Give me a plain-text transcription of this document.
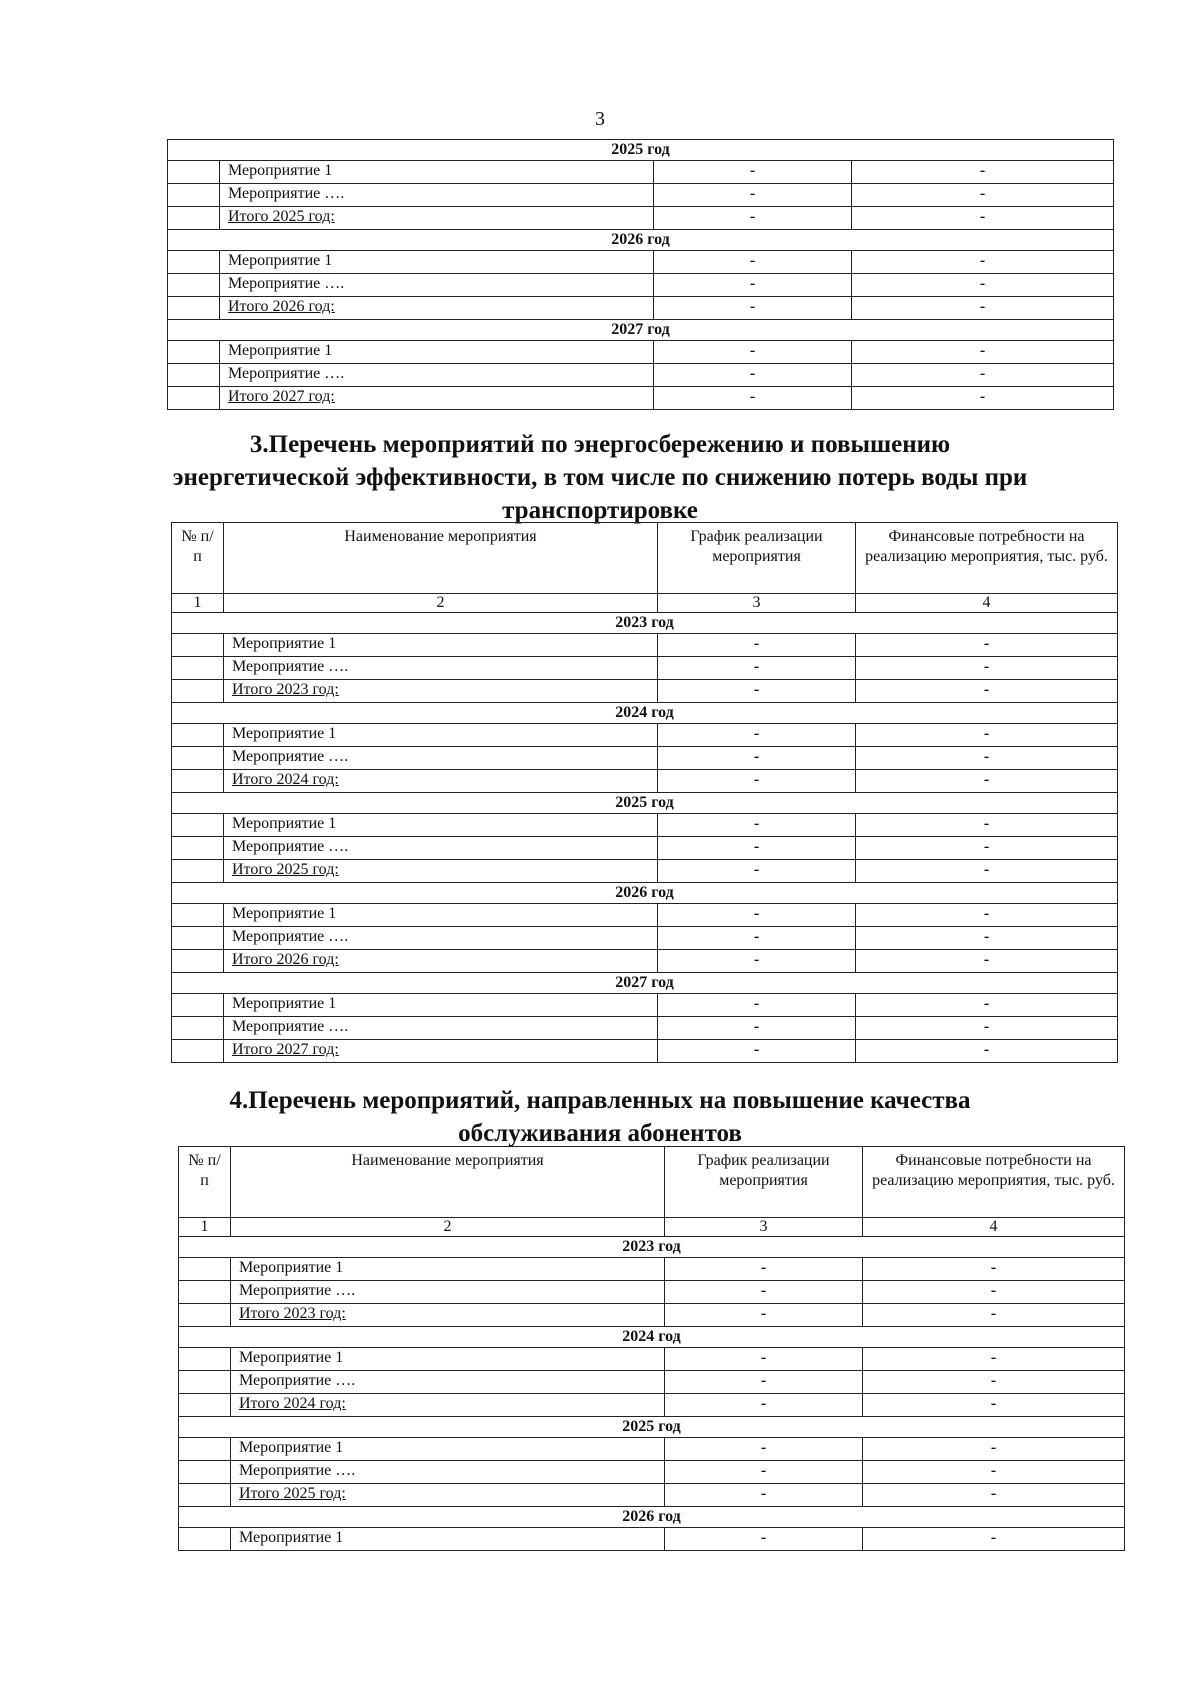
3
2025 год			
	Мероприятие 1	-	-
	Мероприятие ….	-	-
	Итого 2025 год:	-	-
2026 год			
	Мероприятие 1	-	-
	Мероприятие ….	-	-
	Итого 2026 год:	-	-
2027 год			
	Мероприятие 1	-	-
	Мероприятие ….	-	-
	Итого 2027 год:	-	-
3.Перечень мероприятий по энергосбережению и повышению
энергетической эффективности, в том числе по снижению потерь воды при
транспортировке
№ п/п	Наименование мероприятия	График реализации мероприятия	Финансовые потребности на реализацию мероприятия, тыс. руб.
1	2	3	4
2023 год			
	Мероприятие 1	-	-
	Мероприятие ….	-	-
	Итого 2023 год:	-	-
2024 год			
	Мероприятие 1	-	-
	Мероприятие ….	-	-
	Итого 2024 год:	-	-
2025 год			
	Мероприятие 1	-	-
	Мероприятие ….	-	-
	Итого 2025 год:	-	-
2026 год			
	Мероприятие 1	-	-
	Мероприятие ….	-	-
	Итого 2026 год:	-	-
2027 год			
	Мероприятие 1	-	-
	Мероприятие ….	-	-
	Итого 2027 год:	-	-
4.Перечень мероприятий, направленных на повышение качества
обслуживания абонентов
№ п/п	Наименование мероприятия	График реализации мероприятия	Финансовые потребности на реализацию мероприятия, тыс. руб.
1	2	3	4
2023 год			
	Мероприятие 1	-	-
	Мероприятие ….	-	-
	Итого 2023 год:	-	-
2024 год			
	Мероприятие 1	-	-
	Мероприятие ….	-	-
	Итого 2024 год:	-	-
2025 год			
	Мероприятие 1	-	-
	Мероприятие ….	-	-
	Итого 2025 год:	-	-
2026 год			
	Мероприятие 1	-	-
